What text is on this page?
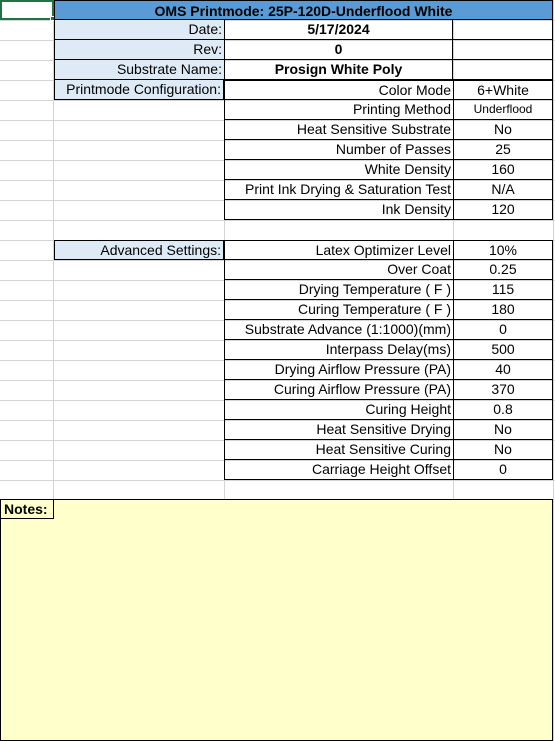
OMS Printmode: 25P-120D-Underflood White
Date:	5/17/2024
Rev:	0
Substrate Name:	Prosign White Poly
Printmode Configuration:	Color Mode	6+White
Printing Method	Underflood
Heat Sensitive Substrate	No
Number of Passes	25
White Density	160
Print Ink Drying & Saturation Test	N/A
Ink Density	120
Advanced Settings:	Latex Optimizer Level	10%
Over Coat	0.25
Drying Temperature ( F )	115
Curing Temperature ( F )	180
Substrate Advance (1:1000)(mm)	0
Interpass Delay(ms)	500
Drying Airflow Pressure (PA)	40
Curing Airflow Pressure (PA)	370
Curing Height	0.8
Heat Sensitive Drying	No
Heat Sensitive Curing	No
Carriage Height Offset	0
Notes:
